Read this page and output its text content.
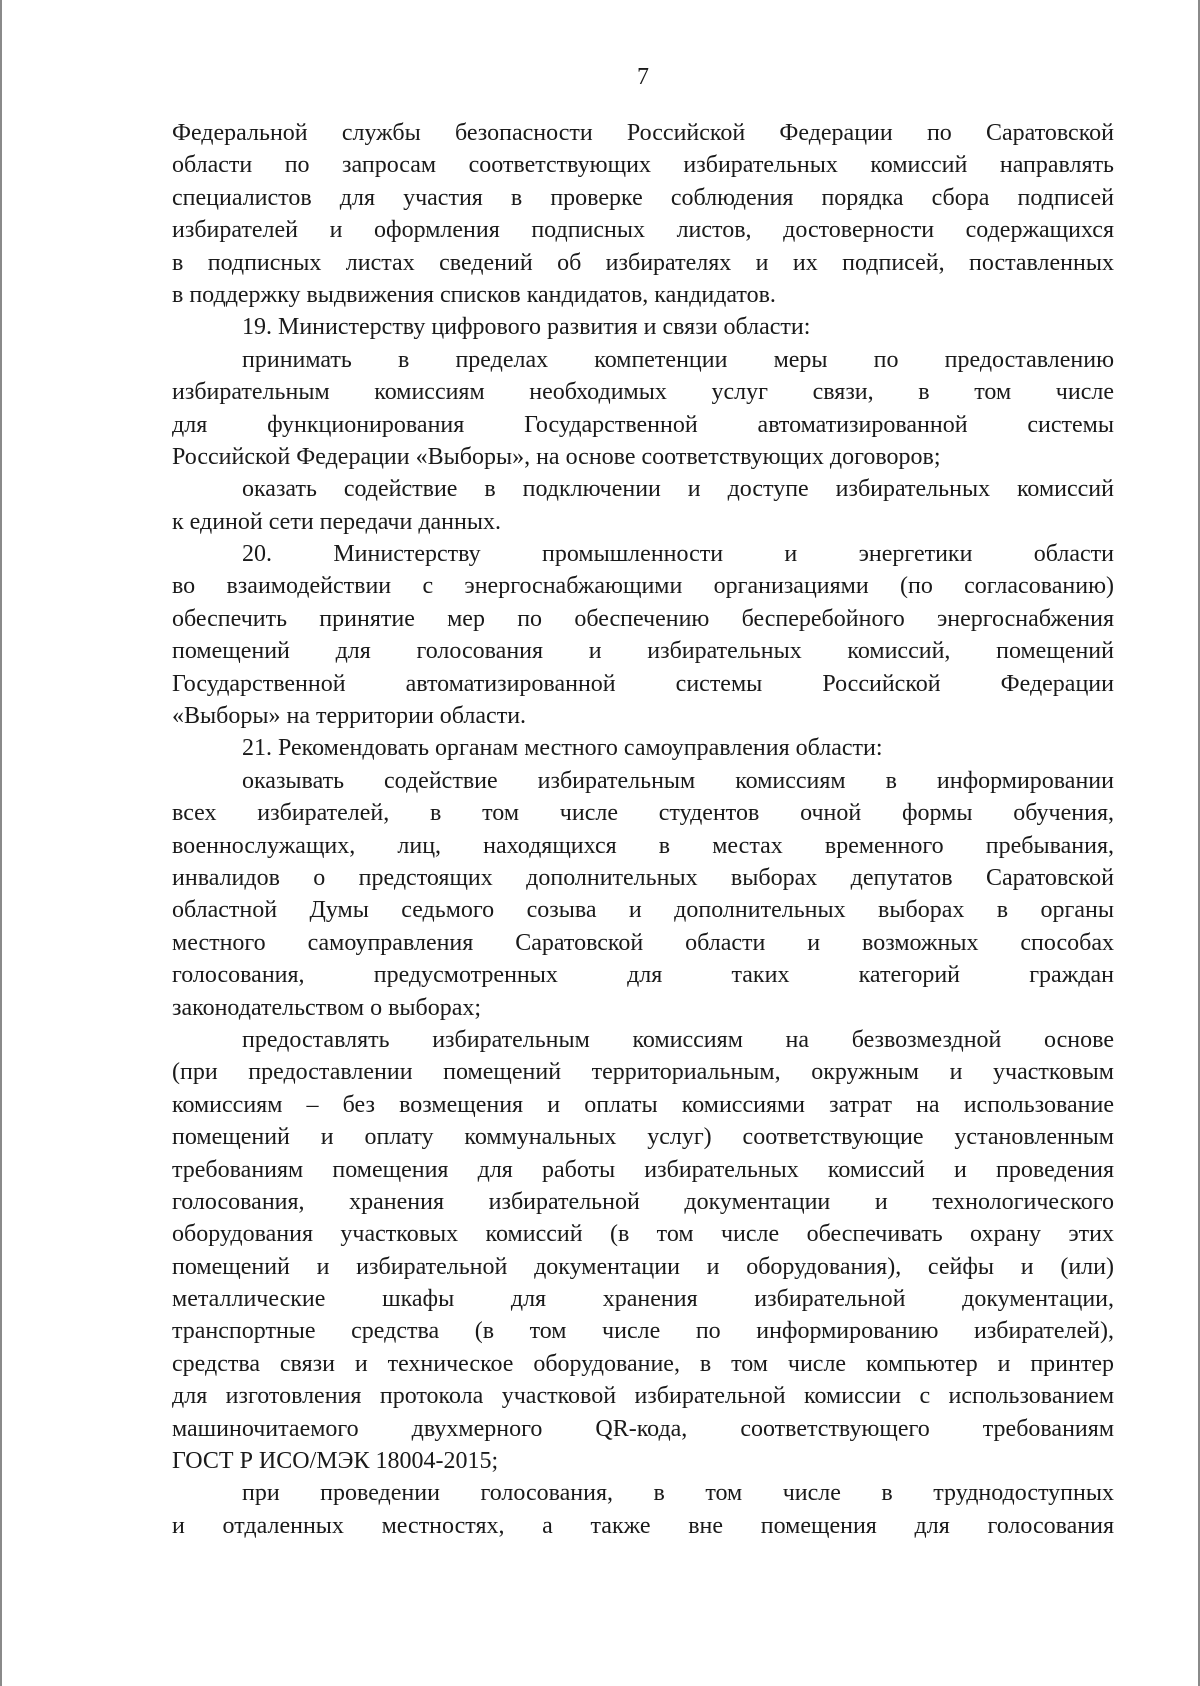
7
Федеральной службы безопасности Российской Федерации по Саратовской
области по запросам соответствующих избирательных комиссий направлять
специалистов для участия в проверке соблюдения порядка сбора подписей
избирателей и оформления подписных листов, достоверности содержащихся
в подписных листах сведений об избирателях и их подписей, поставленных
в поддержку выдвижения списков кандидатов, кандидатов.
19. Министерству цифрового развития и связи области:
принимать в пределах компетенции меры по предоставлению
избирательным комиссиям необходимых услуг связи, в том числе
для функционирования Государственной автоматизированной системы
Российской Федерации «Выборы», на основе соответствующих договоров;
оказать содействие в подключении и доступе избирательных комиссий
к единой сети передачи данных.
20. Министерству промышленности и энергетики области
во взаимодействии с энергоснабжающими организациями (по согласованию)
обеспечить принятие мер по обеспечению бесперебойного энергоснабжения
помещений для голосования и избирательных комиссий, помещений
Государственной автоматизированной системы Российской Федерации
«Выборы» на территории области.
21. Рекомендовать органам местного самоуправления области:
оказывать содействие избирательным комиссиям в информировании
всех избирателей, в том числе студентов очной формы обучения,
военнослужащих, лиц, находящихся в местах временного пребывания,
инвалидов о предстоящих дополнительных выборах депутатов Саратовской
областной Думы седьмого созыва и дополнительных выборах в органы
местного самоуправления Саратовской области и возможных способах
голосования, предусмотренных для таких категорий граждан
законодательством о выборах;
предоставлять избирательным комиссиям на безвозмездной основе
(при предоставлении помещений территориальным, окружным и участковым
комиссиям – без возмещения и оплаты комиссиями затрат на использование
помещений и оплату коммунальных услуг) соответствующие установленным
требованиям помещения для работы избирательных комиссий и проведения
голосования, хранения избирательной документации и технологического
оборудования участковых комиссий (в том числе обеспечивать охрану этих
помещений и избирательной документации и оборудования), сейфы и (или)
металлические шкафы для хранения избирательной документации,
транспортные средства (в том числе по информированию избирателей),
средства связи и техническое оборудование, в том числе компьютер и принтер
для изготовления протокола участковой избирательной комиссии с использованием
машиночитаемого двухмерного QR-кода, соответствующего требованиям
ГОСТ Р ИСО/МЭК 18004-2015;
при проведении голосования, в том числе в труднодоступных
и отдаленных местностях, а также вне помещения для голосования
